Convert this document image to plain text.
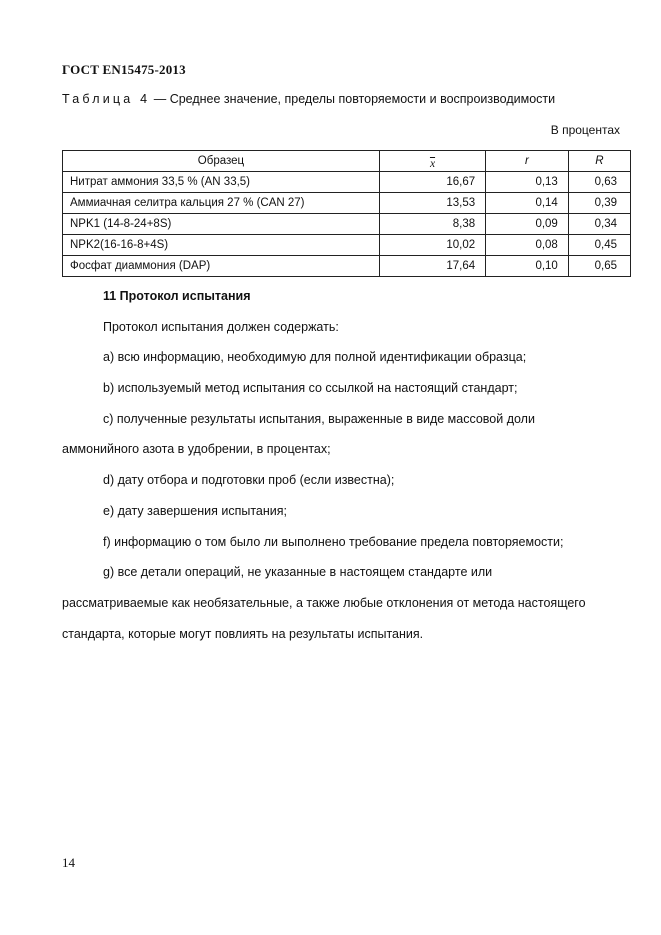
ГОСТ EN15475-2013
Таблица 4 — Среднее значение, пределы повторяемости и воспроизводимости
В процентах
Образец	$\overline{x}$	r	R
Нитрат аммония 33,5 % (AN 33,5)	16,67	0,13	0,63
Аммиачная селитра кальция 27 % (CAN 27)	13,53	0,14	0,39
NPK1 (14-8-24+8S)	8,38	0,09	0,34
NPK2(16-16-8+4S)	10,02	0,08	0,45
Фосфат диаммония (DAP)	17,64	0,10	0,65
11 Протокол испытания
Протокол испытания должен содержать:
a) всю информацию, необходимую для полной идентификации образца;
b) используемый метод испытания со ссылкой на настоящий стандарт;
c) полученные результаты испытания, выраженные в виде массовой доли
аммонийного азота в удобрении, в процентах;
d) дату отбора и подготовки проб (если известна);
e) дату завершения испытания;
f) информацию о том было ли выполнено требование предела повторяемости;
g) все детали операций, не указанные в настоящем стандарте или
рассматриваемые как необязательные, а также любые отклонения от метода настоящего
стандарта, которые могут повлиять на результаты испытания.
14
